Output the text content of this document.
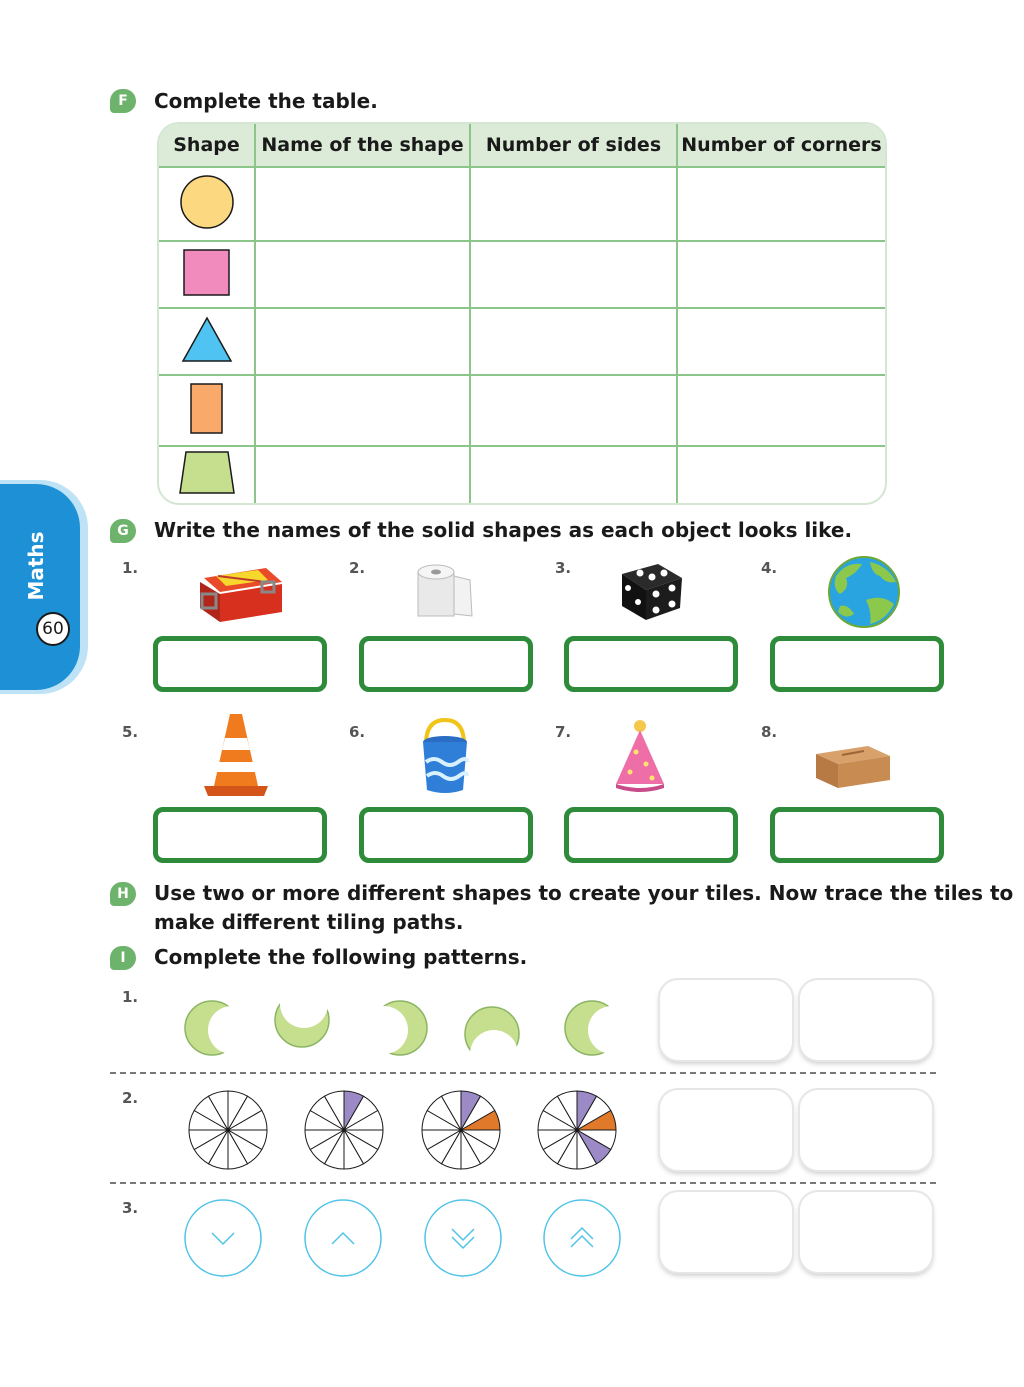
Maths
60
F	Complete the table.
Shape	Name of the shape	Number of sides	Number of corners

G	Write the names of the solid shapes as each object looks like.
1.	2.	3.	4.
5.	6.	7.	8.
H	Use two or more different shapes to create your tiles. Now trace the tiles to
make different tiling paths.
I	Complete the following patterns.
1.
2.
3.
